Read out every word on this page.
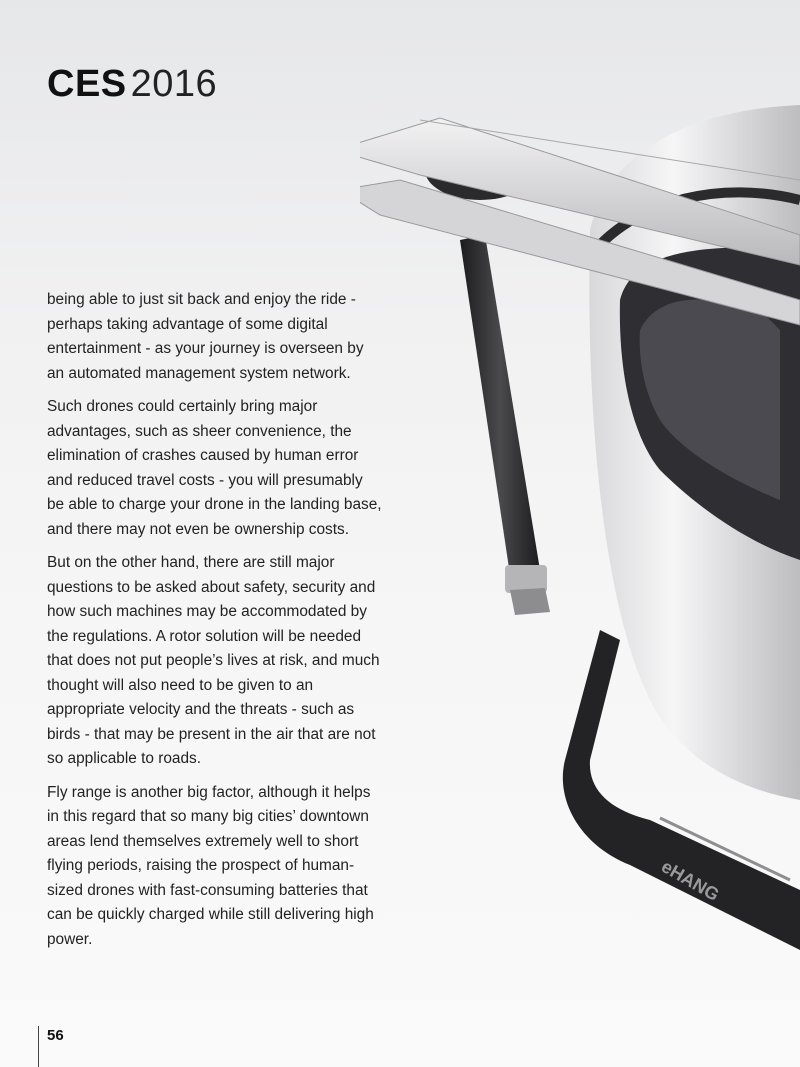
CES 2016
eHANG

being able to just sit back and enjoy the ride - perhaps taking advantage of some digital entertainment - as your journey is overseen by an automated management system network.

Such drones could certainly bring major advantages, such as sheer convenience, the elimination of crashes caused by human error and reduced travel costs - you will presumably be able to charge your drone in the landing base, and there may not even be ownership costs.

But on the other hand, there are still major questions to be asked about safety, security and how such machines may be accommodated by the regulations. A rotor solution will be needed that does not put people’s lives at risk, and much thought will also need to be given to an appropriate velocity and the threats - such as birds - that may be present in the air that are not so applicable to roads.

Fly range is another big factor, although it helps in this regard that so many big cities’ downtown areas lend themselves extremely well to short flying periods, raising the prospect of human-sized drones with fast-consuming batteries that can be quickly charged while still delivering high power.

56
